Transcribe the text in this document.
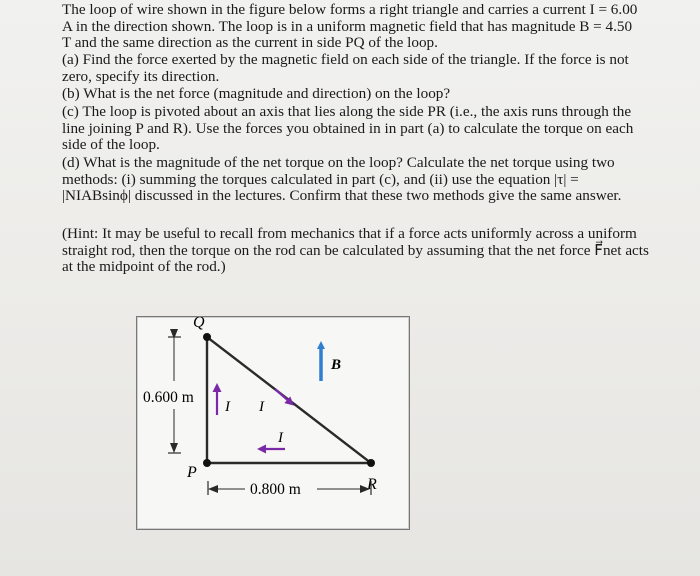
The loop of wire shown in the figure below forms a right triangle and carries a current I = 6.00
A in the direction shown. The loop is in a uniform magnetic field that has magnitude B = 4.50
T and the same direction as the current in side PQ of the loop.
(a) Find the force exerted by the magnetic field on each side of the triangle. If the force is not
zero, specify its direction.
(b) What is the net force (magnitude and direction) on the loop?
(c) The loop is pivoted about an axis that lies along the side PR (i.e., the axis runs through the
line joining P and R). Use the forces you obtained in in part (a) to calculate the torque on each
side of the loop.
(d) What is the magnitude of the net torque on the loop? Calculate the net torque using two
methods: (i) summing the torques calculated in part (c), and (ii) use the equation |τ| =
|NIABsinϕ| discussed in the lectures. Confirm that these two methods give the same answer.
(Hint: It may be useful to recall from mechanics that if a force acts uniformly across a uniform
straight rod, then the torque on the rod can be calculated by assuming that the net force F⃗net acts
at the midpoint of the rod.)
Q
P
R
B⃗
0.600 m
0.800 m
I I
I
